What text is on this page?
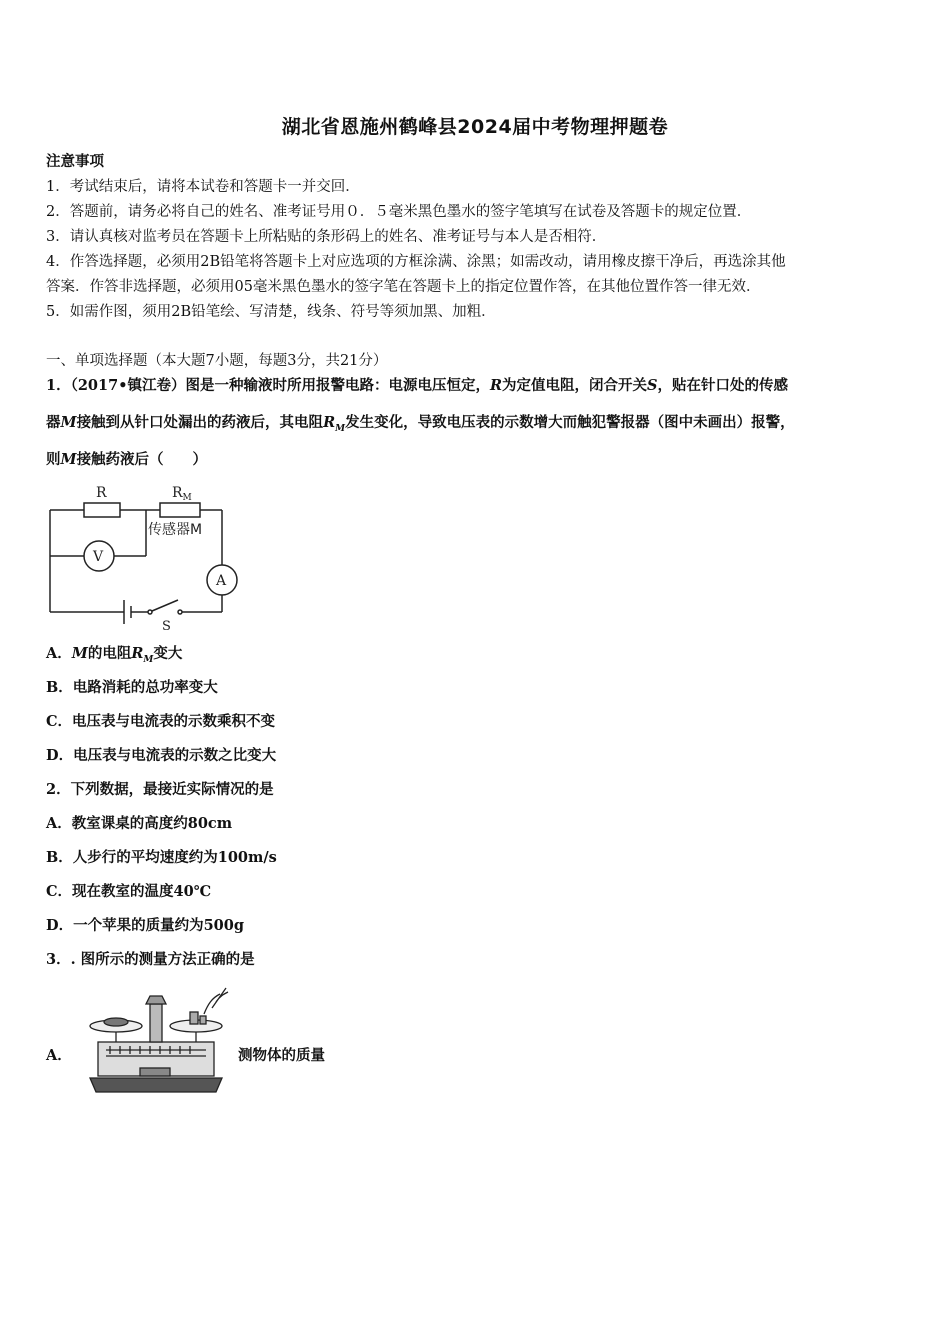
湖北省恩施州鹤峰县2024届中考物理押题卷
注意事项
1．考试结束后，请将本试卷和答题卡一并交回．
2．答题前，请务必将自己的姓名、准考证号用０．５毫米黑色墨水的签字笔填写在试卷及答题卡的规定位置．
3．请认真核对监考员在答题卡上所粘贴的条形码上的姓名、准考证号与本人是否相符．
4．作答选择题，必须用2B铅笔将答题卡上对应选项的方框涂满、涂黑；如需改动，请用橡皮擦干净后，再选涂其他
答案．作答非选择题，必须用05毫米黑色墨水的签字笔在答题卡上的指定位置作答，在其他位置作答一律无效．
5．如需作图，须用2B铅笔绘、写清楚，线条、符号等须加黑、加粗．
一、单项选择题（本大题7小题，每题3分，共21分）
1．（2017•镇江卷）图是一种输液时所用报警电路：电源电压恒定，R为定值电阻，闭合开关S，贴在针口处的传感
器M接触到从针口处漏出的药液后，其电阻$R_M$发生变化，导致电压表的示数增大而触犯警报器（图中未画出）报警，
则M接触药液后（　　）
R	$R_M$
传感器M
V
A
S
A．M的电阻$R_M$变大
B．电路消耗的总功率变大
C．电压表与电流表的示数乘积不变
D．电压表与电流表的示数之比变大
2．下列数据，最接近实际情况的是
A．教室课桌的高度约80cm
B．人步行的平均速度约为100m/s
C．现在教室的温度40℃
D．一个苹果的质量约为500g
3．. 图所示的测量方法正确的是
A．	测物体的质量
